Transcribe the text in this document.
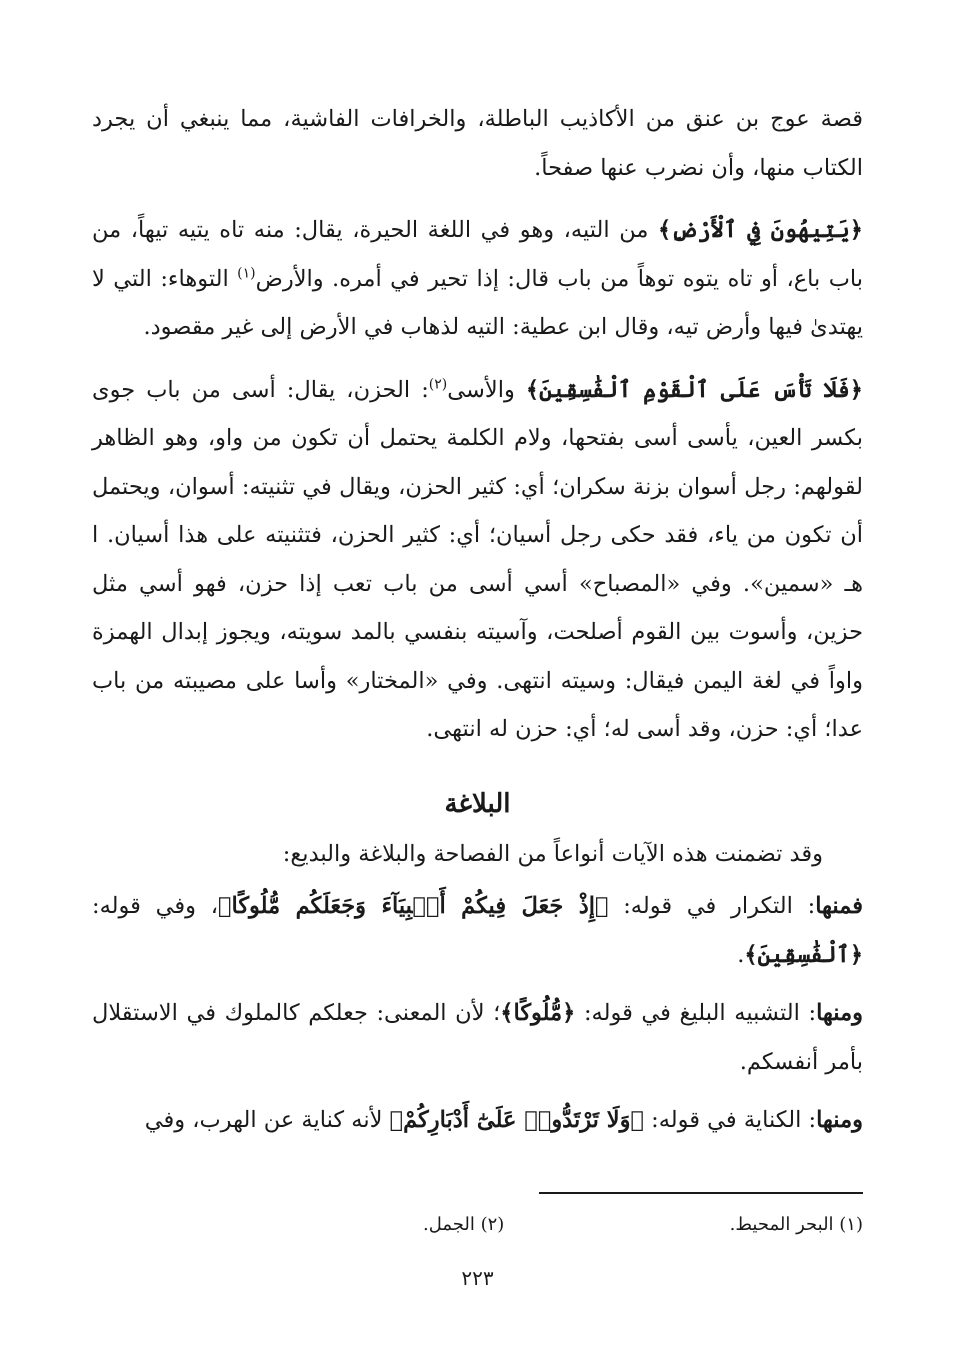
قصة عوج بن عنق من الأكاذيب الباطلة، والخرافات الفاشية، مما ينبغي أن يجرد الكتاب منها، وأن نضرب عنها صفحاً.

﴿يَتِيهُونَ فِي ٱلْأَرْضِ﴾ من التيه، وهو في اللغة الحيرة، يقال: منه تاه يتيه تيهاً، من باب باع، أو تاه يتوه توهاً من باب قال: إذا تحير في أمره. والأرض$^{(١)}$ التوهاء: التي لا يهتدىٰ فيها وأرض تيه، وقال ابن عطية: التيه لذهاب في الأرض إلى غير مقصود.

﴿فَلَا تَأْسَ عَلَى ٱلْقَوْمِ ٱلْفَٰسِقِينَ﴾ والأسى$^{(٢)}$: الحزن، يقال: أسى من باب جوى بكسر العين، يأسى أسى بفتحها، ولام الكلمة يحتمل أن تكون من واو، وهو الظاهر لقولهم: رجل أسوان بزنة سكران؛ أي: كثير الحزن، ويقال في تثنيته: أسوان، ويحتمل أن تكون من ياء، فقد حكى رجل أسيان؛ أي: كثير الحزن، فتثنيته على هذا أسيان. ا هـ «سمين». وفي «المصباح» أسي أسى من باب تعب إذا حزن، فهو أسي مثل حزين، وأسوت بين القوم أصلحت، وآسيته بنفسي بالمد سويته، ويجوز إبدال الهمزة واواً في لغة اليمن فيقال: وسيته انتهى. وفي «المختار» وأسا على مصيبته من باب عدا؛ أي: حزن، وقد أسى له؛ أي: حزن له انتهى.

البلاغة

وقد تضمنت هذه الآيات أنواعاً من الفصاحة والبلاغة والبديع:

فمنها: التكرار في قوله: ﴿إِذْ جَعَلَ فِيكُمْ أَنۢبِيَآءَ وَجَعَلَكُم مُّلُوكًا﴾، وفي قوله: ﴿ٱلْفَٰسِقِينَ﴾.

ومنها: التشبيه البليغ في قوله: ﴿مُّلُوكًا﴾؛ لأن المعنى: جعلكم كالملوك في الاستقلال بأمر أنفسكم.

ومنها: الكناية في قوله: ﴿وَلَا تَرْتَدُّوا۟ عَلَىٰٓ أَدْبَارِكُمْ﴾ لأنه كناية عن الهرب، وفي

(١) البحر المحيط.
(٢) الجمل.
٢٢٣
